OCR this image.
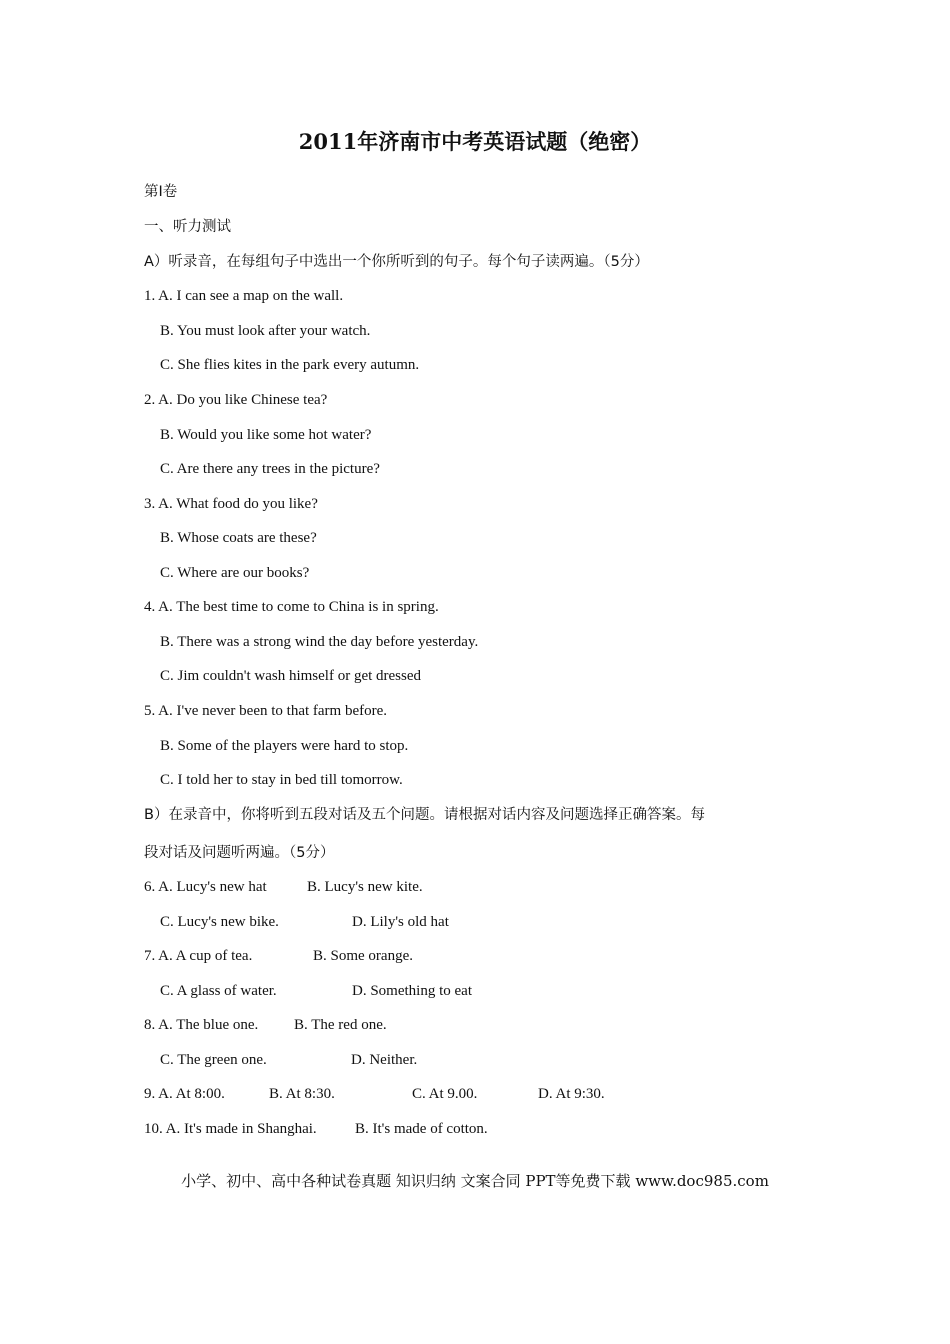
2011年济南市中考英语试题（绝密）
第I卷
一、听力测试
A）听录音，在每组句子中选出一个你所听到的句子。每个句子读两遍。（5分）
1. A. I can see a map on the wall.
B. You must look after your watch.
C. She flies kites in the park every autumn.
2. A. Do you like Chinese tea?
B. Would you like some hot water?
C. Are there any trees in the picture?
3. A. What food do you like?
B. Whose coats are these?
C. Where are our books?
4. A. The best time to come to China is in spring.
B. There was a strong wind the day before yesterday.
C. Jim couldn't wash himself or get dressed
5. A. I've never been to that farm before.
B. Some of the players were hard to stop.
C. I told her to stay in bed till tomorrow.
B）在录音中，你将听到五段对话及五个问题。请根据对话内容及问题选择正确答案。每
段对话及问题听两遍。（5分）
6. A. Lucy's new hat	B. Lucy's new kite.
C. Lucy's new bike.	D. Lily's old hat
7. A. A cup of tea.	B. Some orange.
C. A glass of water.	D. Something to eat
8. A. The blue one. B. The red one.
C. The green one.	D. Neither.
9. A. At 8:00.	B. At 8:30.	C. At 9.00.	D. At 9:30.
10. A. It's made in Shanghai.	B. It's made of cotton.
小学、初中、高中各种试卷真题 知识归纳 文案合同 PPT等免费下载 www.doc985.com
